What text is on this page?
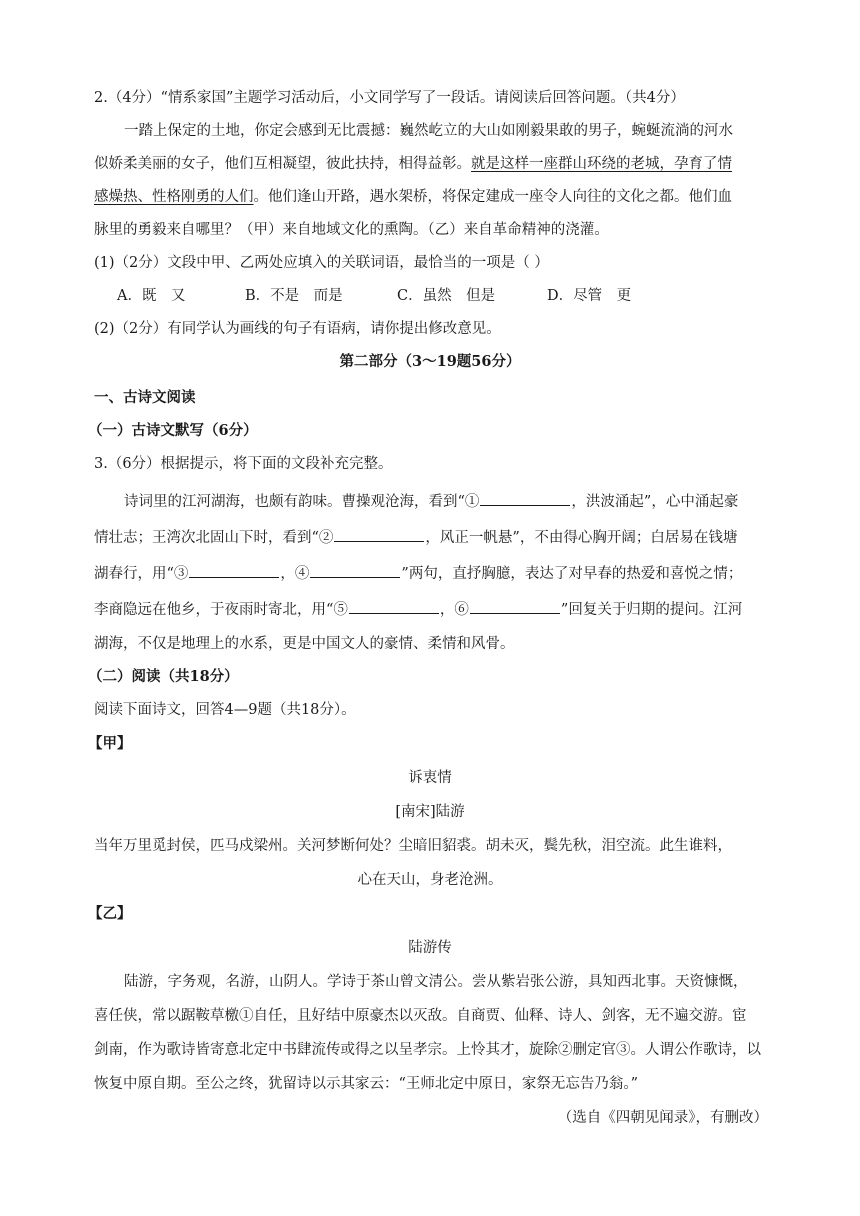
2.（4分）“情系家国”主题学习活动后，小文同学写了一段话。请阅读后回答问题。（共4分）
一踏上保定的土地，你定会感到无比震撼：巍然屹立的大山如刚毅果敢的男子，蜿蜒流淌的河水
似娇柔美丽的女子，他们互相凝望，彼此扶持，相得益彰。就是这样一座群山环绕的老城，孕育了情
感燥热、性格刚勇的人们。他们逢山开路，遇水架桥，将保定建成一座令人向往的文化之都。他们血
脉里的勇毅来自哪里？（甲）来自地域文化的熏陶。（乙）来自革命精神的浇灌。
(1)（2分）文段中甲、乙两处应填入的关联词语，最恰当的一项是（ ）
A．既　又	B．不是　而是	C．虽然　但是	D．尽管　更
(2)（2分）有同学认为画线的句子有语病，请你提出修改意见。
第二部分（3～19题56分）
一、古诗文阅读
（一）古诗文默写（6分）
3.（6分）根据提示，将下面的文段补充完整。
诗词里的江河湖海，也颇有韵味。曹操观沧海，看到“①	，洪波涌起”，心中涌起豪
情壮志；王湾次北固山下时，看到“②	，风正一帆悬”，不由得心胸开阔；白居易在钱塘
湖春行，用“③	，④	”两句，直抒胸臆，表达了对早春的热爱和喜悦之情；
李商隐远在他乡，于夜雨时寄北，用“⑤	，⑥	”回复关于归期的提问。江河
湖海，不仅是地理上的水系，更是中国文人的豪情、柔情和风骨。
（二）阅读（共18分）
阅读下面诗文，回答4—9题（共18分）。
【甲】
诉衷情
[南宋]陆游
当年万里觅封侯，匹马戍梁州。关河梦断何处？尘暗旧貂裘。胡未灭，鬓先秋，泪空流。此生谁料，
心在天山，身老沧洲。
【乙】
陆游传
陆游，字务观，名游，山阴人。学诗于茶山曾文清公。尝从紫岩张公游，具知西北事。天资慷慨，
喜任侠，常以踞鞍草檄①自任，且好结中原豪杰以灭敌。自商贾、仙释、诗人、剑客，无不遍交游。宦
剑南，作为歌诗皆寄意北定中书肆流传或得之以呈孝宗。上怜其才，旋除②删定官③。人谓公作歌诗，以
恢复中原自期。至公之终，犹留诗以示其家云：“王师北定中原日，家祭无忘告乃翁。”
（选自《四朝见闻录》，有删改）
